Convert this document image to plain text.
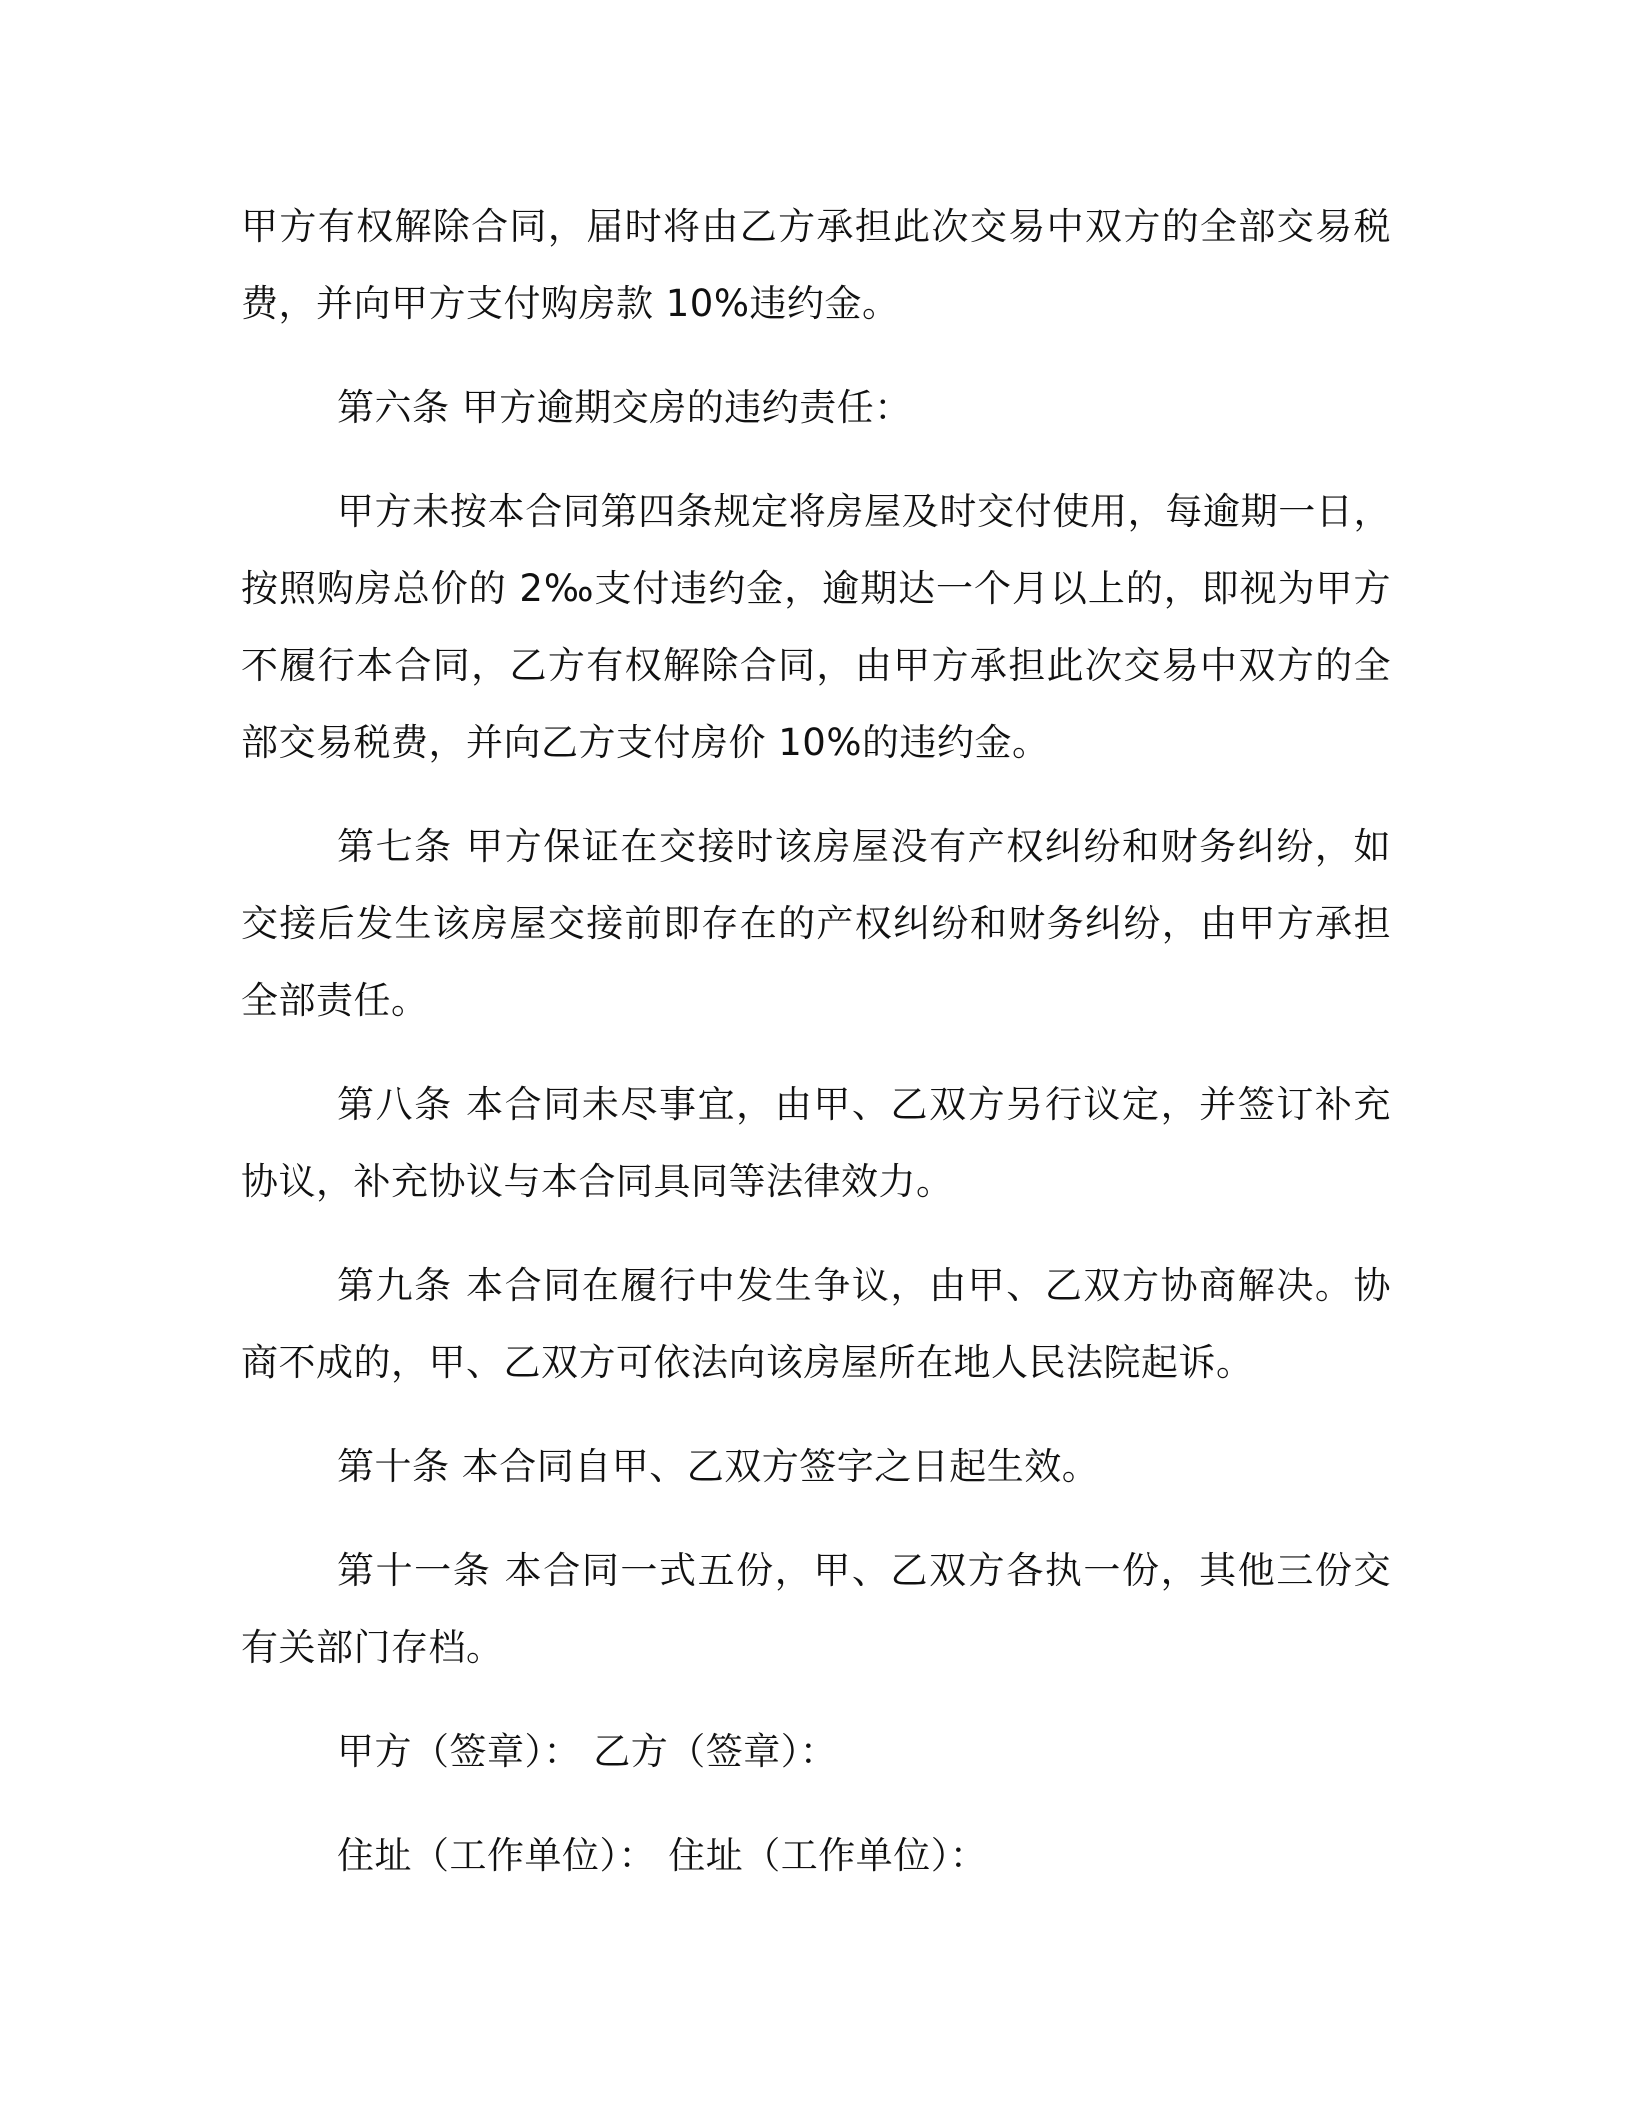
甲方有权解除合同，届时将由乙方承担此次交易中双方的全部交易税费，并向甲方支付购房款 10%违约金。

第六条 甲方逾期交房的违约责任：

甲方未按本合同第四条规定将房屋及时交付使用，每逾期一日，按照购房总价的 2‰支付违约金，逾期达一个月以上的，即视为甲方不履行本合同，乙方有权解除合同，由甲方承担此次交易中双方的全部交易税费，并向乙方支付房价 10%的违约金。

第七条 甲方保证在交接时该房屋没有产权纠纷和财务纠纷，如交接后发生该房屋交接前即存在的产权纠纷和财务纠纷，由甲方承担全部责任。

第八条 本合同未尽事宜，由甲、乙双方另行议定，并签订补充协议，补充协议与本合同具同等法律效力。

第九条 本合同在履行中发生争议，由甲、乙双方协商解决。协商不成的，甲、乙双方可依法向该房屋所在地人民法院起诉。

第十条 本合同自甲、乙双方签字之日起生效。

第十一条 本合同一式五份，甲、乙双方各执一份，其他三份交有关部门存档。

甲方（签章）： 乙方（签章）：

住址（工作单位）： 住址（工作单位）：
